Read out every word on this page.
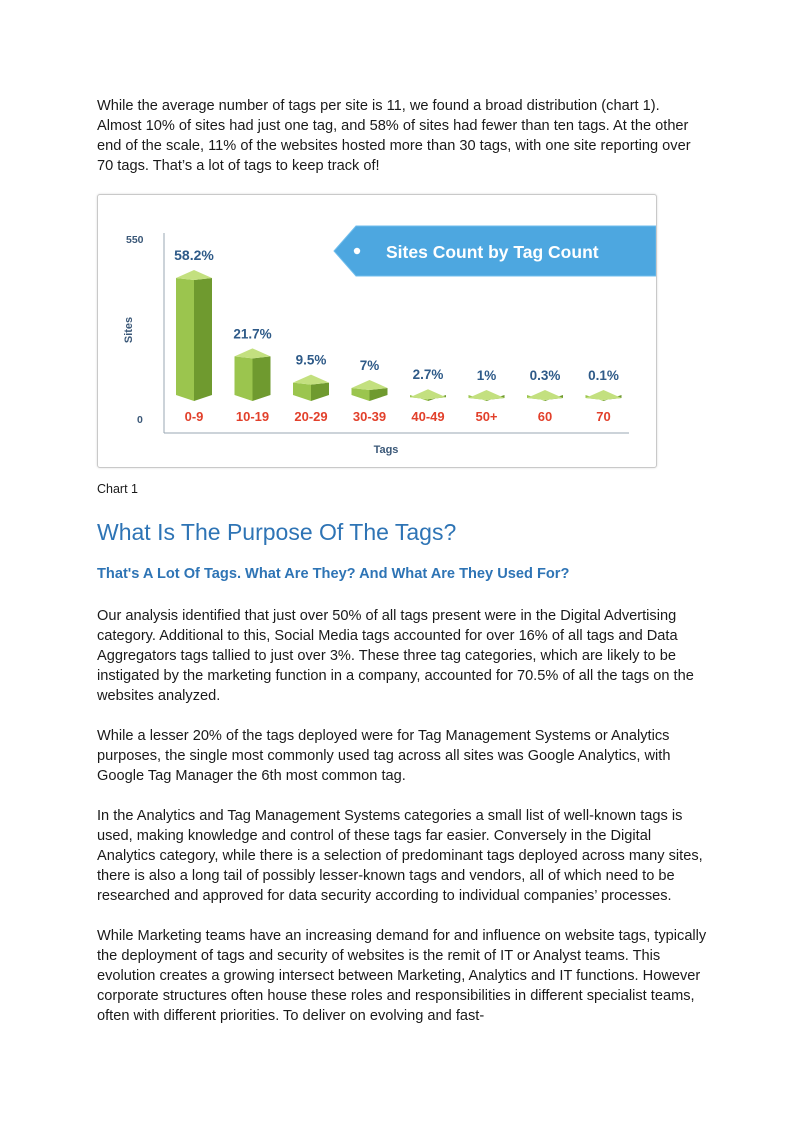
While the average number of tags per site is 11, we found a broad distribution (chart 1). Almost 10% of sites had just one tag, and 58% of sites had fewer than ten tags. At the other end of the scale, 11% of the websites hosted more than 30 tags, with one site reporting over 70 tags. That’s a lot of tags to keep track of!

Sites Count by Tag Count
550
0
Sites
Tags
58.2%
0-9
21.7%
10-19
9.5%
20-29
7%
30-39
2.7%
40-49
1%
50+
0.3%
60
0.1%
70
Chart 1
What Is The Purpose Of The Tags?
That's A Lot Of Tags. What Are They? And What Are They Used For?

Our analysis identified that just over 50% of all tags present were in the Digital Advertising category. Additional to this, Social Media tags accounted for over 16% of all tags and Data Aggregators tags tallied to just over 3%. These three tag categories, which are likely to be instigated by the marketing function in a company, accounted for 70.5% of all the tags on the websites analyzed.

While a lesser 20% of the tags deployed were for Tag Management Systems or Analytics purposes, the single most commonly used tag across all sites was Google Analytics, with Google Tag Manager the 6th most common tag.

In the Analytics and Tag Management Systems categories a small list of well-known tags is used, making knowledge and control of these tags far easier. Conversely in the Digital Analytics category, while there is a selection of predominant tags deployed across many sites, there is also a long tail of possibly lesser-known tags and vendors, all of which need to be researched and approved for data security according to individual companies’ processes.

While Marketing teams have an increasing demand for and influence on website tags, typically the deployment of tags and security of websites is the remit of IT or Analyst teams. This evolution creates a growing intersect between Marketing, Analytics and IT functions. However corporate structures often house these roles and responsibilities in different specialist teams, often with different priorities. To deliver on evolving and fast-
